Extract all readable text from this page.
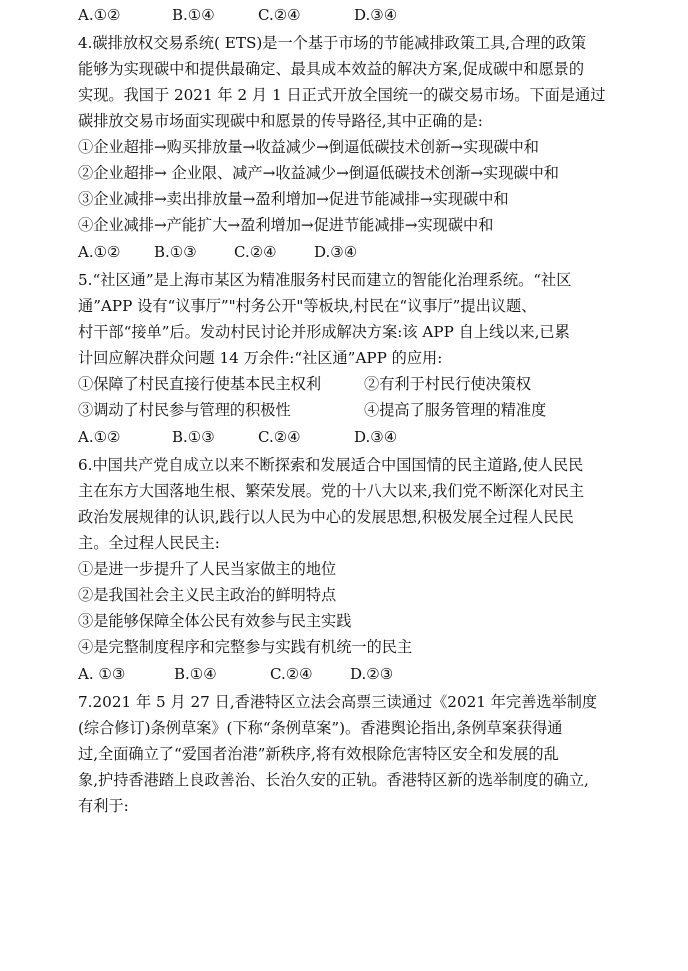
A.①②	B.①④	C.②④	D.③④
4.碳排放权交易系统( ETS)是一个基于市场的节能减排政策工具,合理的政策
能够为实现碳中和提供最确定、最具成本效益的解决方案,促成碳中和愿景的
实现。我国于 2021 年 2 月 1 日正式开放全国统一的碳交易市场。下面是通过
碳排放交易市场面实现碳中和愿景的传导路径,其中正确的是:
①企业超排→购买排放量→收益减少→倒逼低碳技术创新→实现碳中和
②企业超排→ 企业限、减产→收益减少→倒逼低碳技术创渐→实现碳中和
③企业减排→卖出排放量→盈利增加→促进节能减排→实现碳中和
④企业减排→产能扩大→盈利增加→促进节能减排→实现碳中和
A.①② B.①③ C.②④ D.③④
5.“社区通”是上海市某区为精准服务村民而建立的智能化治理系统。“社区
通”APP 设有“议事厅”"村务公开"等板块,村民在“议事厅”提出议题、
村干部“接单”后。发动村民讨论并形成解决方案:该 APP 自上线以来,已累
计回应解决群众问题 14 万余件:“社区通”APP 的应用:
①保障了村民直接行使基本民主权利	②有利于村民行使决策权
③调动了村民参与管理的积极性	④提高了服务管理的精准度
A.①②	B.①③	C.②④	D.③④
6.中国共产党自成立以来不断探索和发展适合中国国情的民主道路,使人民民
主在东方大国落地生根、繁荣发展。党的十八大以来,我们党不断深化对民主
政治发展规律的认识,践行以人民为中心的发展思想,积极发展全过程人民民
主。全过程人民民主:
①是进一步提升了人民当家做主的地位
②是我国社会主义民主政治的鲜明特点
③是能够保障全体公民有效参与民主实践
④是完整制度程序和完整参与实践有机统一的民主
A. ①③	B.①④	C.②④ D.②③
7.2021 年 5 月 27 日,香港特区立法会高票三读通过《2021 年完善选举制度
(综合修订)条例草案》(下称“条例草案”)。香港舆论指出,条例草案获得通
过,全面确立了“爱国者治港”新秩序,将有效根除危害特区安全和发展的乱
象,护持香港踏上良政善治、长治久安的正轨。香港特区新的选举制度的确立,
有利于:
